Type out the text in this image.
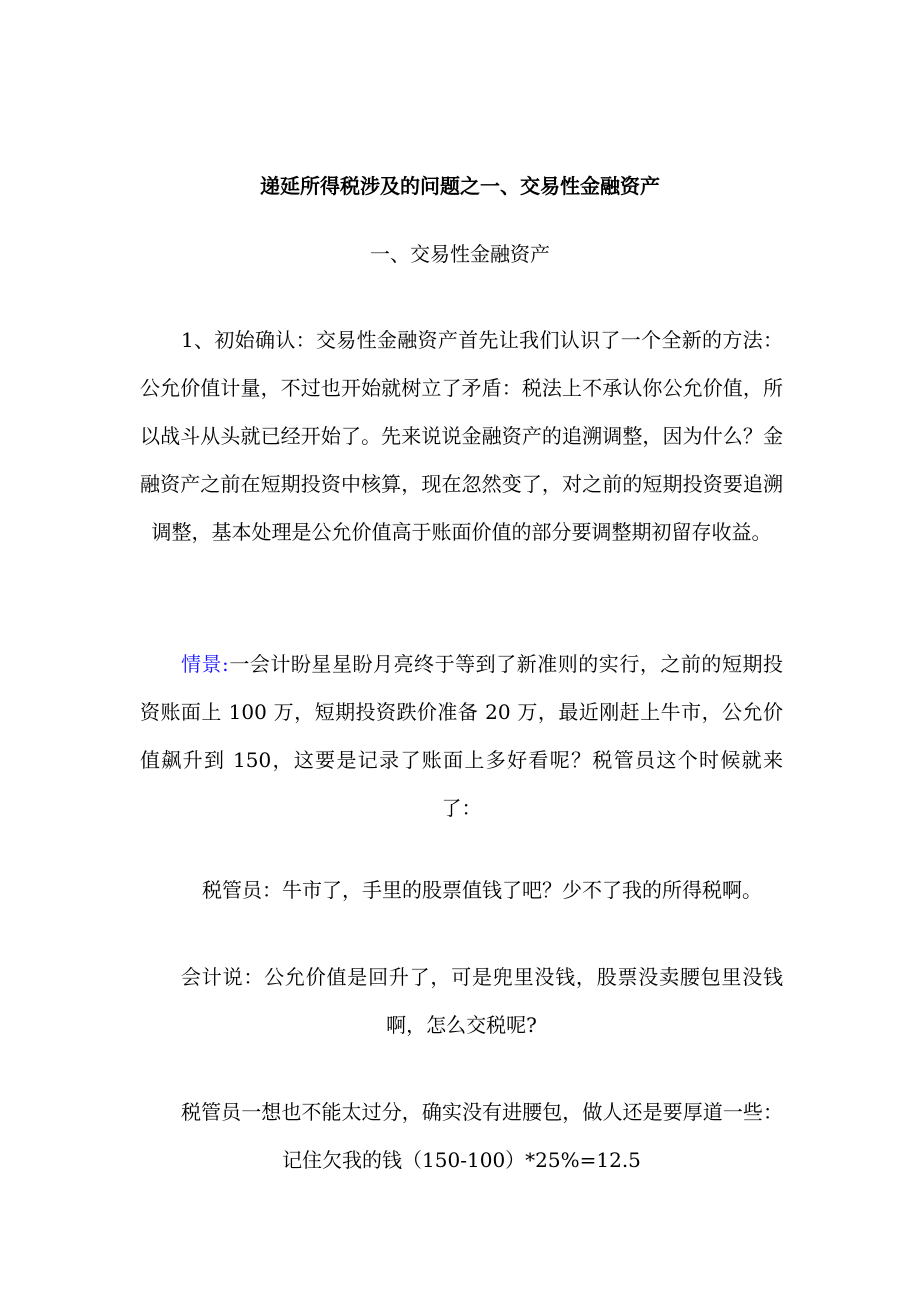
递延所得税涉及的问题之一、交易性金融资产
一、交易性金融资产

1、初始确认：交易性金融资产首先让我们认识了一个全新的方法：公允价值计量，不过也开始就树立了矛盾：税法上不承认你公允价值，所以战斗从头就已经开始了。先来说说金融资产的追溯调整，因为什么？金融资产之前在短期投资中核算，现在忽然变了，对之前的短期投资要追溯调整，基本处理是公允价值高于账面价值的部分要调整期初留存收益。

情景:一会计盼星星盼月亮终于等到了新准则的实行，之前的短期投资账面上 100 万，短期投资跌价准备 20 万，最近刚赶上牛市，公允价值飙升到 150，这要是记录了账面上多好看呢？税管员这个时候就来了：

税管员：牛市了，手里的股票值钱了吧？少不了我的所得税啊。

会计说：公允价值是回升了，可是兜里没钱，股票没卖腰包里没钱啊，怎么交税呢?

税管员一想也不能太过分，确实没有进腰包，做人还是要厚道一些：记住欠我的钱（150-100）*25%=12.5
